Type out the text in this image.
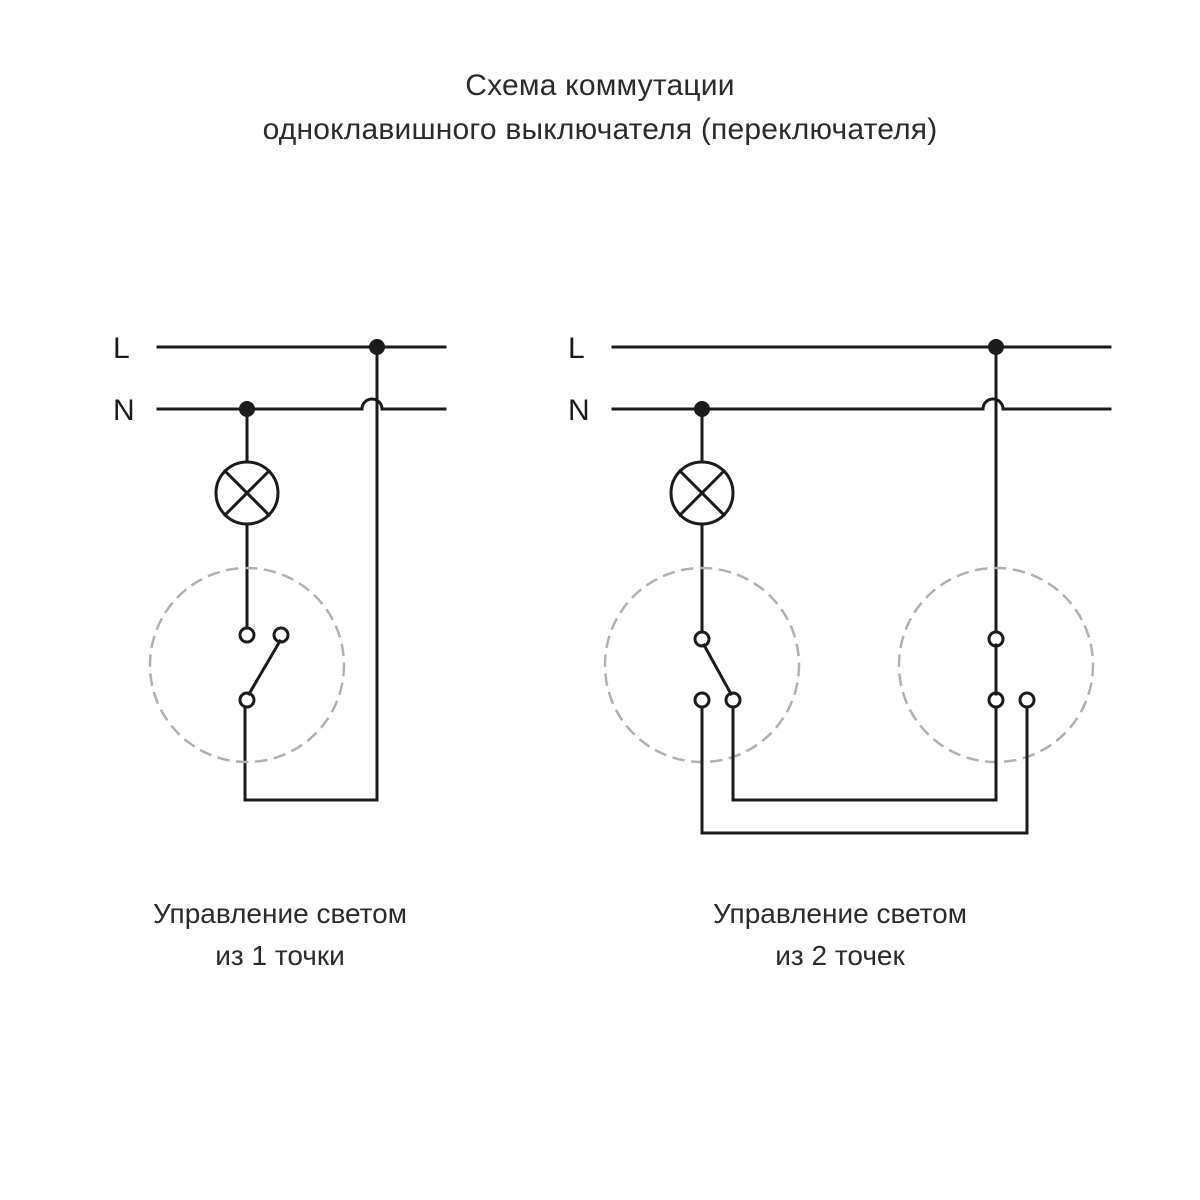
Схема коммутации
одноклавишного выключателя (переключателя)
L
N
L
N
Управление светом
из 1 точки
Управление светом
из 2 точек
